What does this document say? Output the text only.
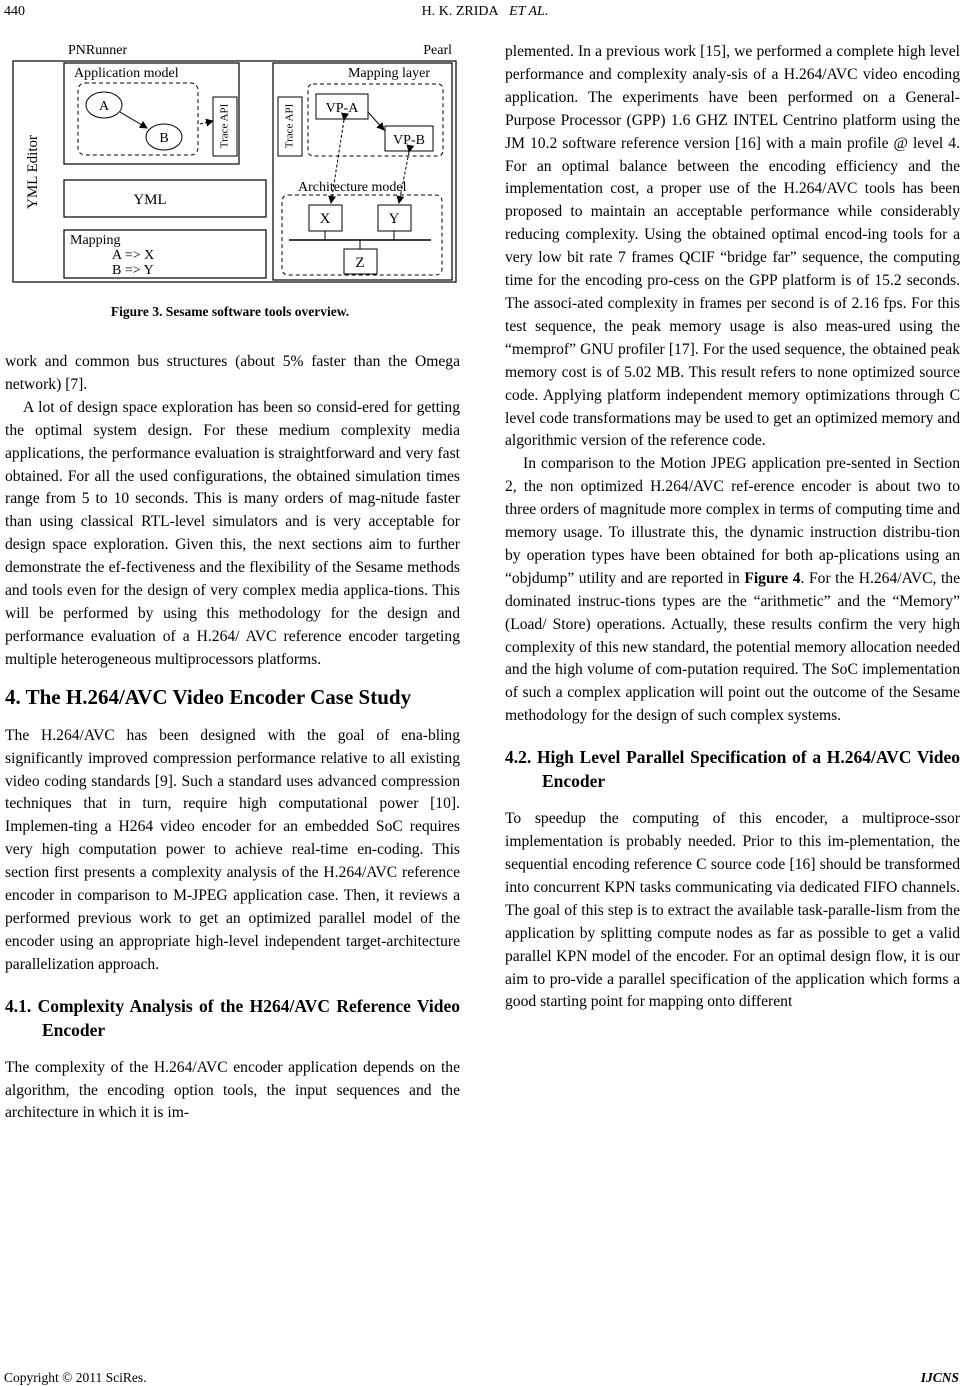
440	H. K. ZRIDA ET AL.
PNRunner	Pearl
YML Editor
Application model
A
B	Trace API
Mapping layer
Trace API VP-A
VP-B
Architecture model
X	Y
Z
YML
Mapping
A => X
B => Y
Figure 3. Sesame software tools overview.

work and common bus structures (about 5% faster than the Omega network) [7].

A lot of design space exploration has been so consid-ered for getting the optimal system design. For these medium complexity media applications, the performance evaluation is straightforward and very fast obtained. For all the used configurations, the obtained simulation times range from 5 to 10 seconds. This is many orders of mag-nitude faster than using classical RTL-level simulators and is very acceptable for design space exploration. Given this, the next sections aim to further demonstrate the ef-fectiveness and the flexibility of the Sesame methods and tools even for the design of very complex media applica-tions. This will be performed by using this methodology for the design and performance evaluation of a H.264/ AVC reference encoder targeting multiple heterogeneous multiprocessors platforms.

4. The H.264/AVC Video Encoder Case Study

The H.264/AVC has been designed with the goal of ena-bling significantly improved compression performance relative to all existing video coding standards [9]. Such a standard uses advanced compression techniques that in turn, require high computational power [10]. Implemen-ting a H264 video encoder for an embedded SoC requires very high computation power to achieve real-time en-coding. This section first presents a complexity analysis of the H.264/AVC reference encoder in comparison to M-JPEG application case. Then, it reviews a performed previous work to get an optimized parallel model of the encoder using an appropriate high-level independent target-architecture parallelization approach.

4.1. Complexity Analysis of the H264/AVC Reference Video Encoder

The complexity of the H.264/AVC encoder application depends on the algorithm, the encoding option tools, the input sequences and the architecture in which it is im-

plemented. In a previous work [15], we performed a complete high level performance and complexity analy-sis of a H.264/AVC video encoding application. The experiments have been performed on a General-Purpose Processor (GPP) 1.6 GHZ INTEL Centrino platform using the JM 10.2 software reference version [16] with a main profile @ level 4. For an optimal balance between the encoding efficiency and the implementation cost, a proper use of the H.264/AVC tools has been proposed to maintain an acceptable performance while considerably reducing complexity. Using the obtained optimal encod-ing tools for a very low bit rate 7 frames QCIF “bridge far” sequence, the computing time for the encoding pro-cess on the GPP platform is of 15.2 seconds. The associ-ated complexity in frames per second is of 2.16 fps. For this test sequence, the peak memory usage is also meas-ured using the “memprof” GNU profiler [17]. For the used sequence, the obtained peak memory cost is of 5.02 MB. This result refers to none optimized source code. Applying platform independent memory optimizations through C level code transformations may be used to get an optimized memory and algorithmic version of the reference code.

In comparison to the Motion JPEG application pre-sented in Section 2, the non optimized H.264/AVC ref-erence encoder is about two to three orders of magnitude more complex in terms of computing time and memory usage. To illustrate this, the dynamic instruction distribu-tion by operation types have been obtained for both ap-plications using an “objdump” utility and are reported in Figure 4. For the H.264/AVC, the dominated instruc-tions types are the “arithmetic” and the “Memory” (Load/ Store) operations. Actually, these results confirm the very high complexity of this new standard, the potential memory allocation needed and the high volume of com-putation required. The SoC implementation of such a complex application will point out the outcome of the Sesame methodology for the design of such complex systems.

4.2. High Level Parallel Specification of a H.264/AVC Video Encoder

To speedup the computing of this encoder, a multiproce-ssor implementation is probably needed. Prior to this im-plementation, the sequential encoding reference C source code [16] should be transformed into concurrent KPN tasks communicating via dedicated FIFO channels. The goal of this step is to extract the available task-paralle-lism from the application by splitting compute nodes as far as possible to get a valid parallel KPN model of the encoder. For an optimal design flow, it is our aim to pro-vide a parallel specification of the application which forms a good starting point for mapping onto different

Copyright © 2011 SciRes.	IJCNS
